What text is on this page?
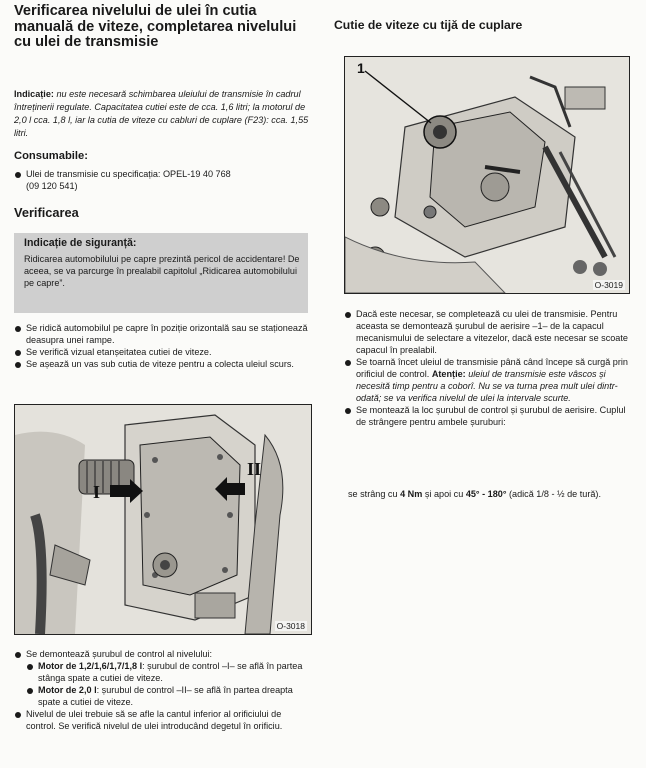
Verificarea nivelului de ulei în cutia manuală de viteze, completarea nivelului cu ulei de transmisie

Indicație: nu este necesară schimbarea uleiului de transmisie în cadrul întreținerii regulate. Capacitatea cutiei este de cca. 1,6 litri; la motorul de 2,0 l cca. 1,8 l, iar la cutia de viteze cu cabluri de cuplare (F23): cca. 1,55 litri.

Consumabile:
Ulei de transmisie cu specificația: OPEL-19 40 768 (09 120 541)
Verificarea
Indicație de siguranță:

Ridicarea automobilului pe capre prezintă pericol de accidentare! De aceea, se va parcurge în prealabil capitolul „Ridicarea automobilului pe capre”.

Se ridică automobilul pe capre în poziție orizontală sau se staționează deasupra unei rampe.
Se verifică vizual etanșeitatea cutiei de viteze.
Se așează un vas sub cutia de viteze pentru a colecta uleiul scurs.
I
II
O-3018
Se demontează șurubul de control al nivelului:
Motor de 1,2/1,6/1,7/1,8 l: șurubul de control –I– se află în partea stânga spate a cutiei de viteze.
Motor de 2,0 l: șurubul de control –II– se află în partea dreapta spate a cutiei de viteze.
Nivelul de ulei trebuie să se afle la cantul inferior al orificiului de control. Se verifică nivelul de ulei introducând degetul în orificiu.
Cutie de viteze cu tijă de cuplare
1
O-3019
Dacă este necesar, se completează cu ulei de transmisie. Pentru aceasta se demontează șurubul de aerisire –1– de la capacul mecanismului de selectare a vitezelor, dacă este necesar se scoate capacul în prealabil.
Se toarnă încet uleiul de transmisie până când începe să curgă prin orificiul de control. Atenție: uleiul de transmisie este vâscos și necesită timp pentru a coborî. Nu se va turna prea mult ulei dintr-odată; se va verifica nivelul de ulei la intervale scurte.
Se montează la loc șurubul de control și șurubul de aerisire. Cuplul de strângere pentru ambele șuruburi:
se strâng cu 4 Nm și apoi cu 45° - 180° (adică 1/8 - ½ de tură).
